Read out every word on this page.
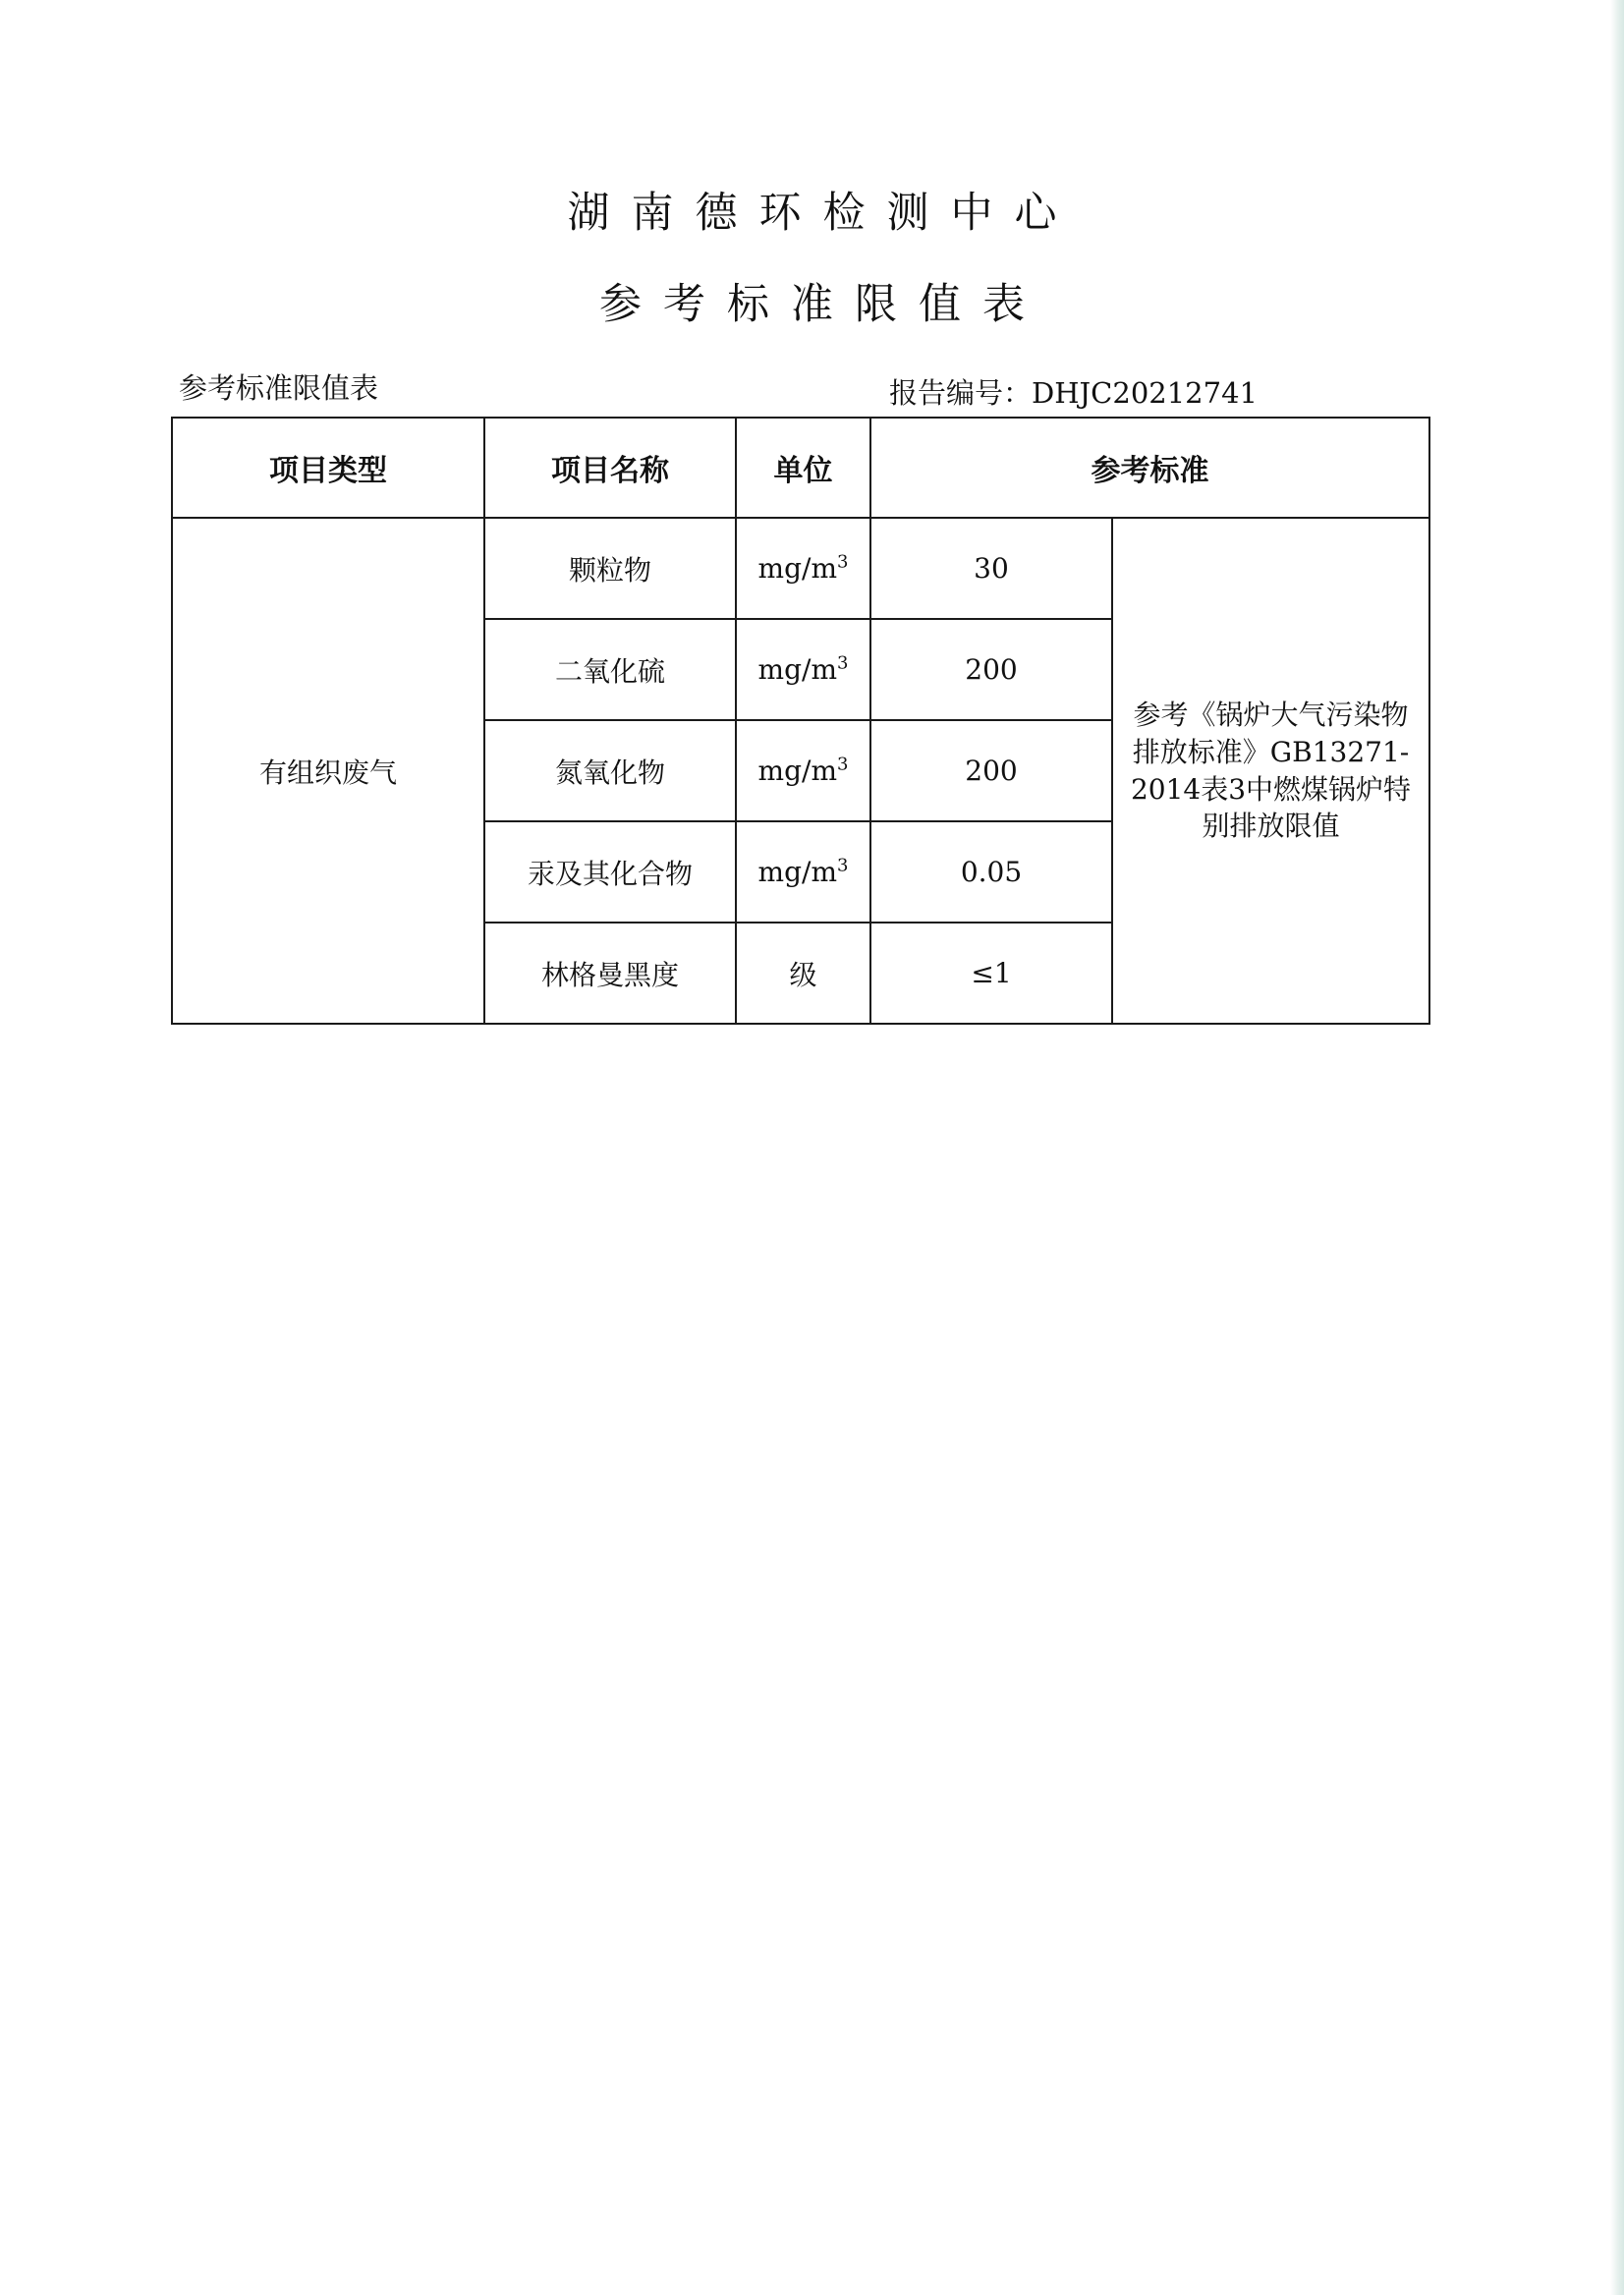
湖南德环检测中心
参考标准限值表
参考标准限值表	报告编号：DHJC20212741
项目类型	项目名称	单位	参考标准	
有组织废气	颗粒物	$mg/m^3$	30	参考《锅炉大气污染物排放标准》GB13271-2014表3中燃煤锅炉特别排放限值
	二氧化硫	$mg/m^3$	200	
	氮氧化物	$mg/m^3$	200	
	汞及其化合物	$mg/m^3$	0.05	
	林格曼黑度	级	≤1	
